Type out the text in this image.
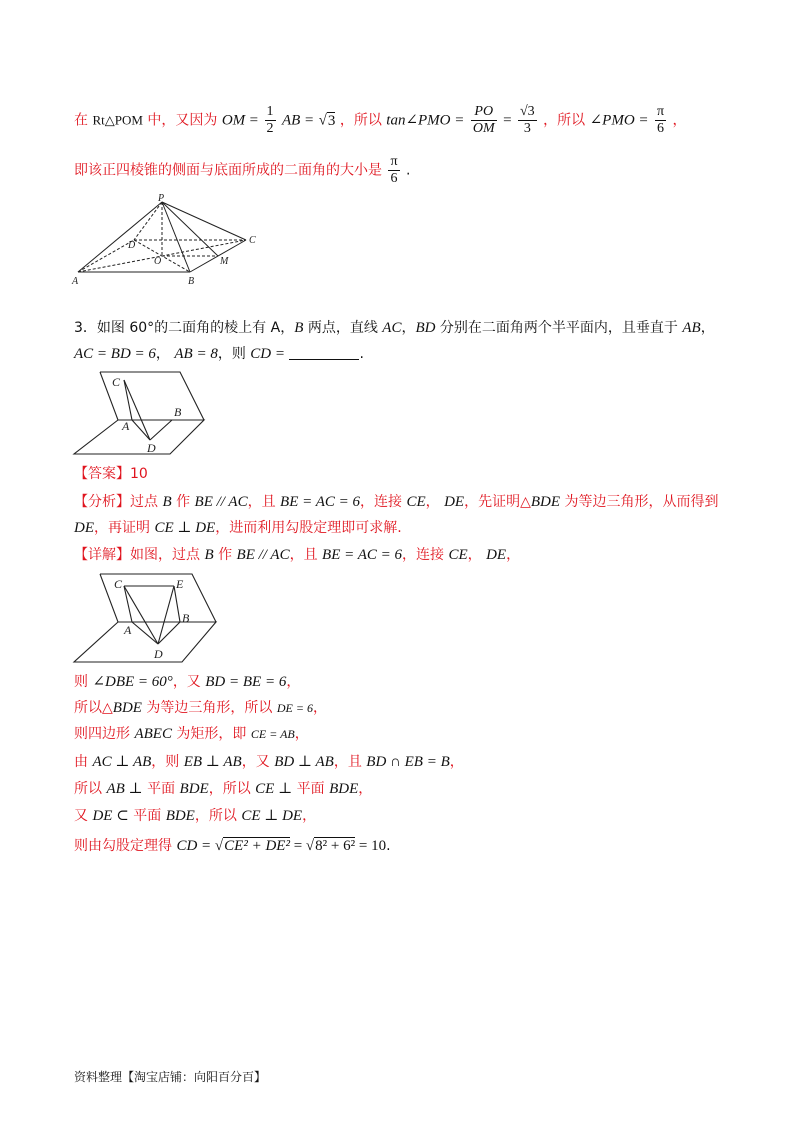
在 Rt△POM 中，又因为 OM = $\frac{1}{2}$ AB = √3 ，所以 tan∠PMO = $\frac{PO}{OM} = \frac{√3}{3}$ ，所以 ∠PMO = $\frac{\pi}{6}$ ，
即该正四棱锥的侧面与底面所成的二面角的大小是 $\frac{\pi}{6}$ .
P
D	C
O	M
A	B
3．如图 60°的二面角的棱上有 A，B 两点，直线 AC，BD 分别在二面角两个半平面内，且垂直于 AB，
AC = BD = 6， AB = 8，则 CD =	.
C
A
B
D
【答案】10
【分析】过点 B 作 BE // AC，且 BE = AC = 6，连接 CE， DE，先证明△BDE 为等边三角形，从而得到
DE，再证明 CE ⊥ DE，进而利用勾股定理即可求解.
【详解】如图，过点 B 作 BE // AC，且 BE = AC = 6，连接 CE， DE，
C	E
A
B
D
则 ∠DBE = 60°，又 BD = BE = 6，
所以△BDE 为等边三角形，所以 DE = 6，
则四边形 ABEC 为矩形，即 CE = AB，
由 AC ⊥ AB，则 EB ⊥ AB，又 BD ⊥ AB，且 BD ∩ EB = B，
所以 AB ⊥ 平面 BDE，所以 CE ⊥ 平面 BDE，
又 DE ⊂ 平面 BDE，所以 CE ⊥ DE，
则由勾股定理得 CD = √CE² + DE² = √8² + 6² = 10.
资料整理【淘宝店铺：向阳百分百】
